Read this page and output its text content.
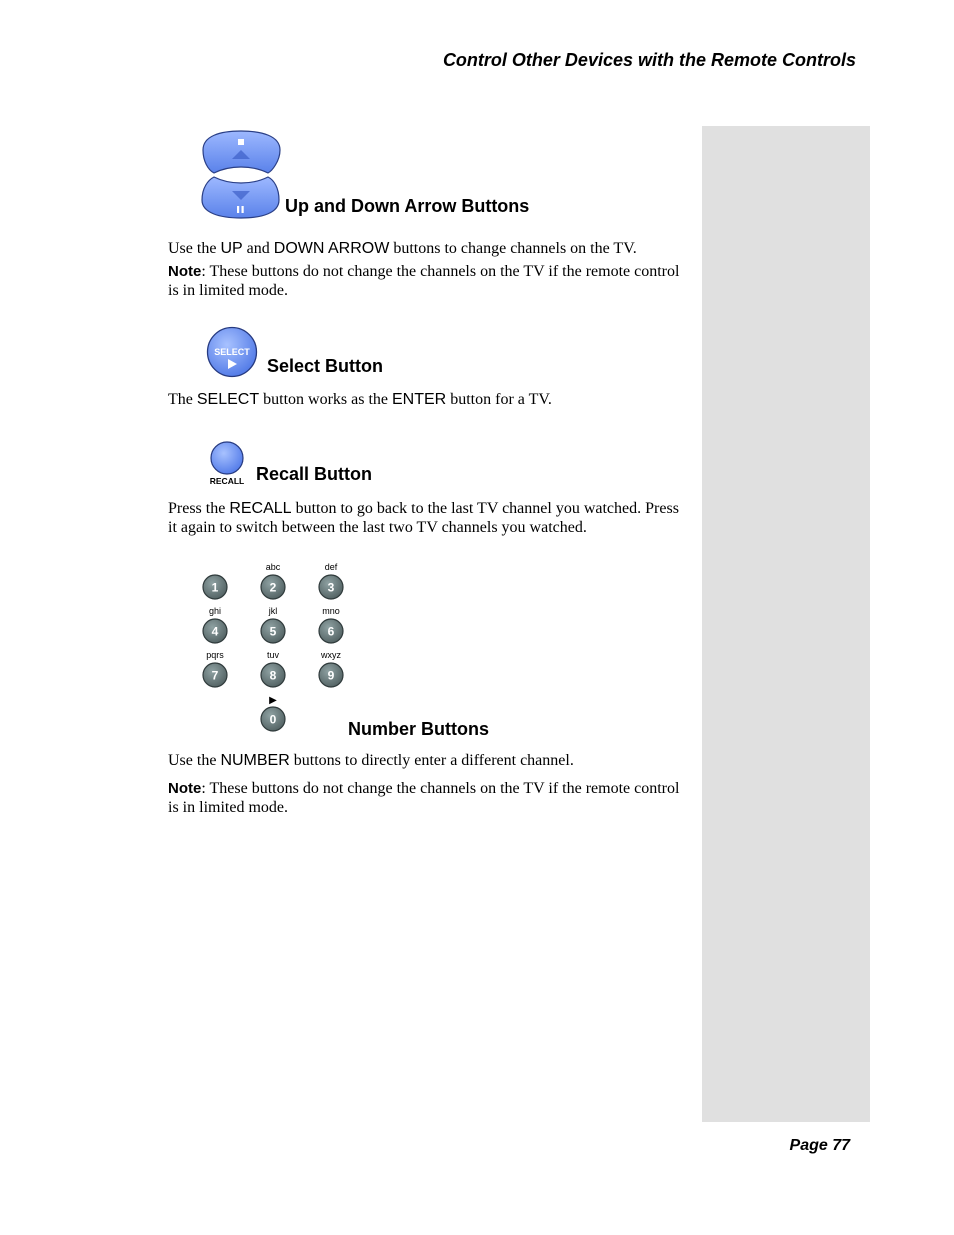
Control Other Devices with the Remote Controls
Up and Down Arrow Buttons
Use the UP and DOWN ARROW buttons to change channels on the TV.
Note: These buttons do not change the channels on the TV if the remote control is in limited mode.
SELECT
Select Button
The SELECT button works as the ENTER button for a TV.
RECALL Recall Button
Press the RECALL button to go back to the last TV channel you watched. Press it again to switch between the last two TV channels you watched.
1	2
abc
3
def
4
ghi
5
jkl
6
mno
7
pqrs
8
tuv
9
wxyz
0
▶
Number Buttons
Use the NUMBER buttons to directly enter a different channel.
Note: These buttons do not change the channels on the TV if the remote control is in limited mode.
Page 77
